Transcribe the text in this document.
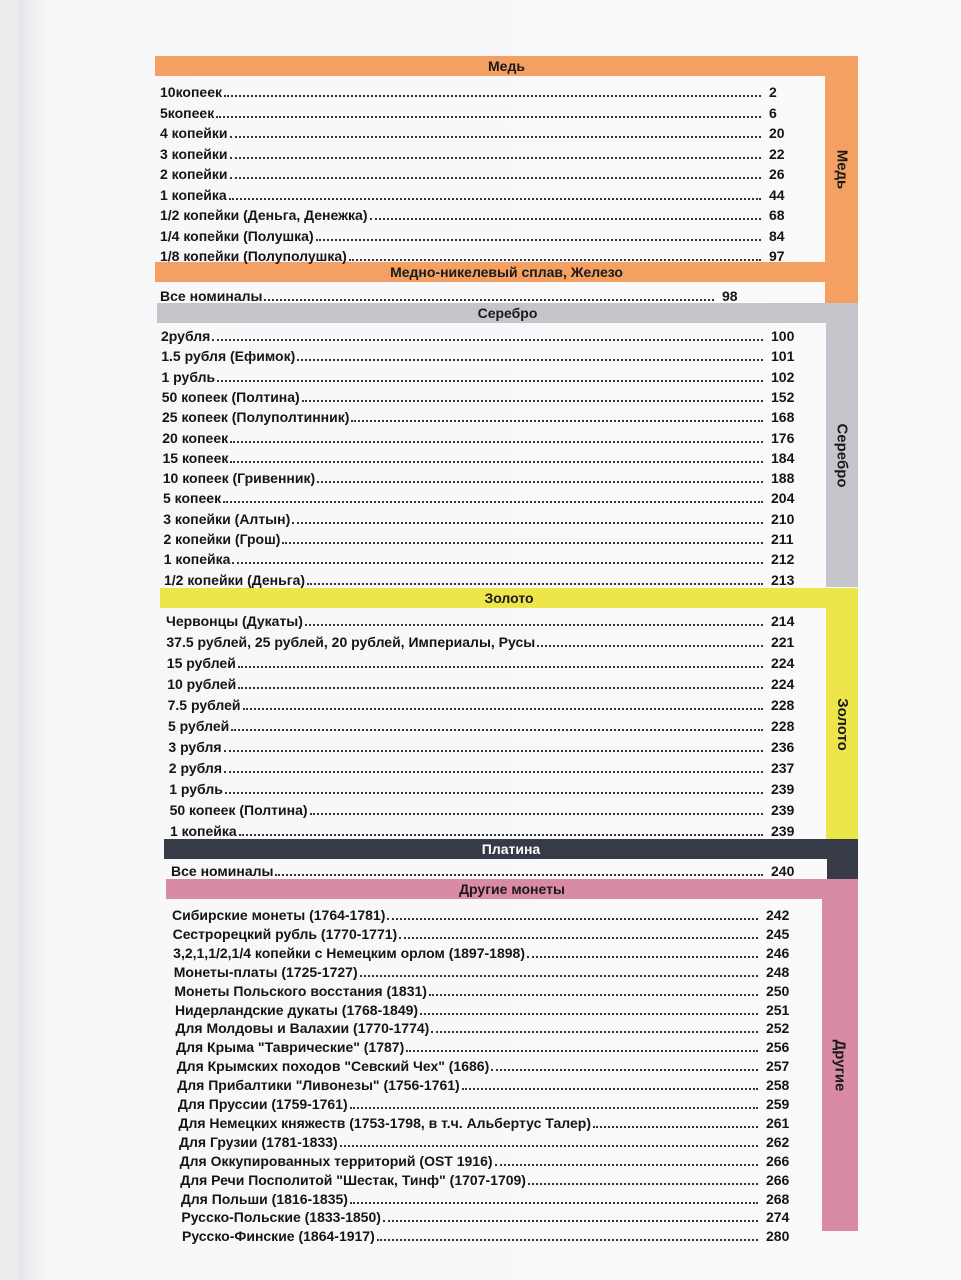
Медь
Медь
Медно-никелевый сплав, Железо
Серебро
Серебро
Золото
Золото
Платина
Другие монеты
Другие
10копеек	2
5копеек	6
4 копейки	20
3 копейки	22
2 копейки	26
1 копейка	44
1/2 копейки (Деньга, Денежка)	68
1/4 копейки (Полушка)	84
1/8 копейки (Полуполушка)	97
Все номиналы	98
2рубля	100
1.5 рубля (Ефимок)	101
1 рубль	102
50 копеек (Полтина)	152
25 копеек (Полуполтинник)	168
20 копеек	176
15 копеек	184
10 копеек (Гривенник)	188
5 копеек	204
3 копейки (Алтын)	210
2 копейки (Грош)	211
1 копейка	212
1/2 копейки (Деньга)	213
Червонцы (Дукаты)	214
37.5 рублей, 25 рублей, 20 рублей, Империалы, Русы	221
15 рублей	224
10 рублей	224
7.5 рублей	228
5 рублей	228
3 рубля	236
2 рубля	237
1 рубль	239
50 копеек (Полтина)	239
1 копейка	239
Все номиналы	240
Сибирские монеты (1764-1781)	242
Сестрорецкий рубль (1770-1771)	245
3,2,1,1/2,1/4 копейки с Немецким орлом (1897-1898)	246
Монеты-платы (1725-1727)	248
Монеты Польского восстания (1831)	250
Нидерландские дукаты (1768-1849)	251
Для Молдовы и Валахии (1770-1774)	252
Для Крыма "Таврические" (1787)	256
Для Крымских походов "Севский Чех" (1686)	257
Для Прибалтики "Ливонезы" (1756-1761)	258
Для Пруссии (1759-1761)	259
Для Немецких княжеств (1753-1798, в т.ч. Альбертус Талер)	261
Для Грузии (1781-1833)	262
Для Оккупированных территорий (OST 1916)	266
Для Речи Посполитой "Шестак, Тинф" (1707-1709)	266
Для Польши (1816-1835)	268
Русско-Польские (1833-1850)	274
Русско-Финские (1864-1917)	280
